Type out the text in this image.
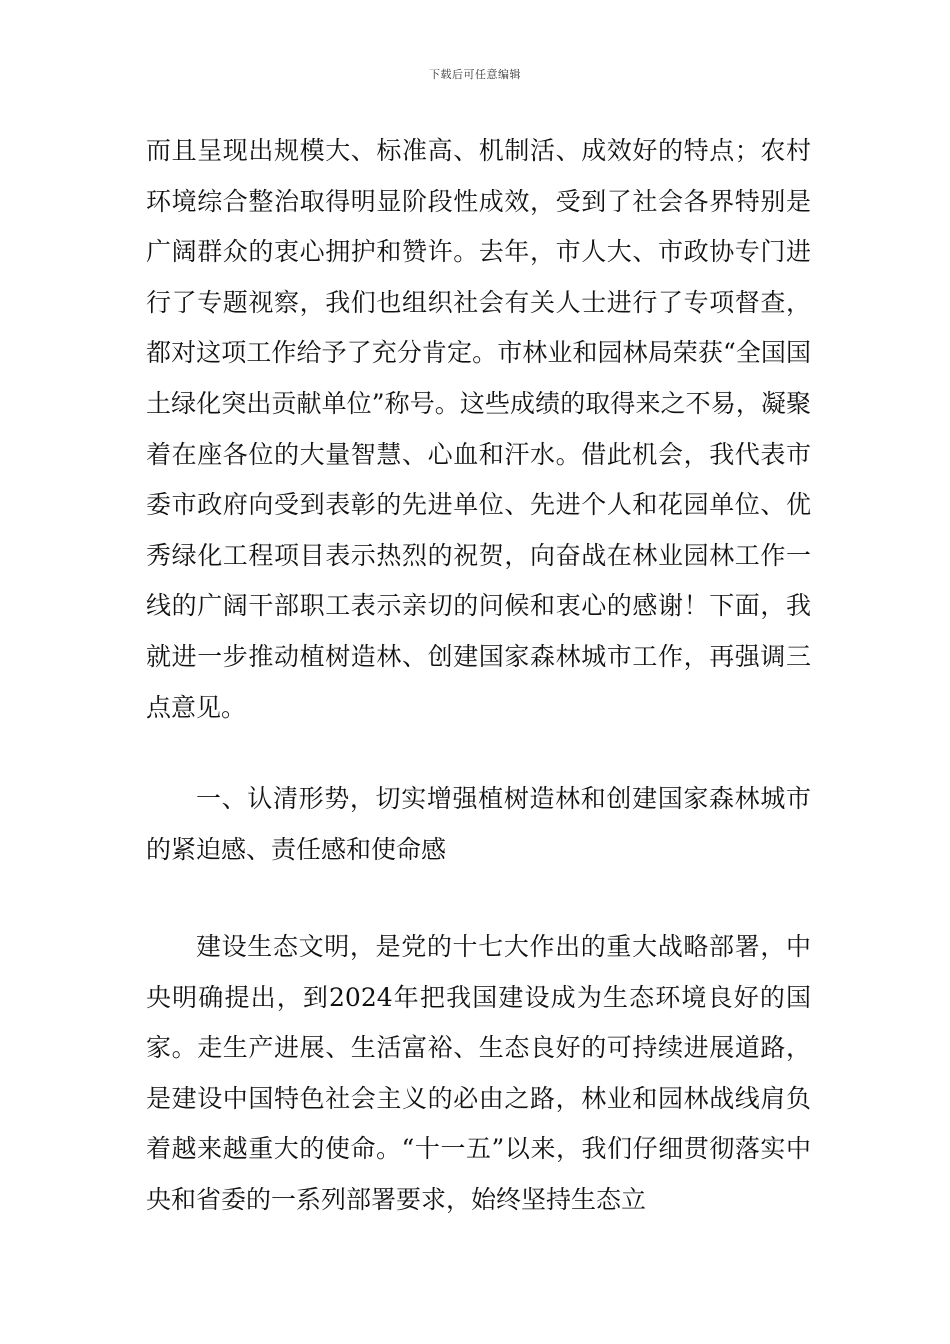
下载后可任意编辑

而且呈现出规模大、标准高、机制活、成效好的特点；农村环境综合整治取得明显阶段性成效，受到了社会各界特别是广阔群众的衷心拥护和赞许。去年，市人大、市政协专门进行了专题视察，我们也组织社会有关人士进行了专项督查，都对这项工作给予了充分肯定。市林业和园林局荣获“全国国土绿化突出贡献单位”称号。这些成绩的取得来之不易，凝聚着在座各位的大量智慧、心血和汗水。借此机会，我代表市委市政府向受到表彰的先进单位、先进个人和花园单位、优秀绿化工程项目表示热烈的祝贺，向奋战在林业园林工作一线的广阔干部职工表示亲切的问候和衷心的感谢！下面，我就进一步推动植树造林、创建国家森林城市工作，再强调三点意见。

一、认清形势，切实增强植树造林和创建国家森林城市的紧迫感、责任感和使命感

建设生态文明，是党的十七大作出的重大战略部署，中央明确提出，到2024年把我国建设成为生态环境良好的国家。走生产进展、生活富裕、生态良好的可持续进展道路，是建设中国特色社会主义的必由之路，林业和园林战线肩负着越来越重大的使命。“十一五”以来，我们仔细贯彻落实中央和省委的一系列部署要求，始终坚持生态立
